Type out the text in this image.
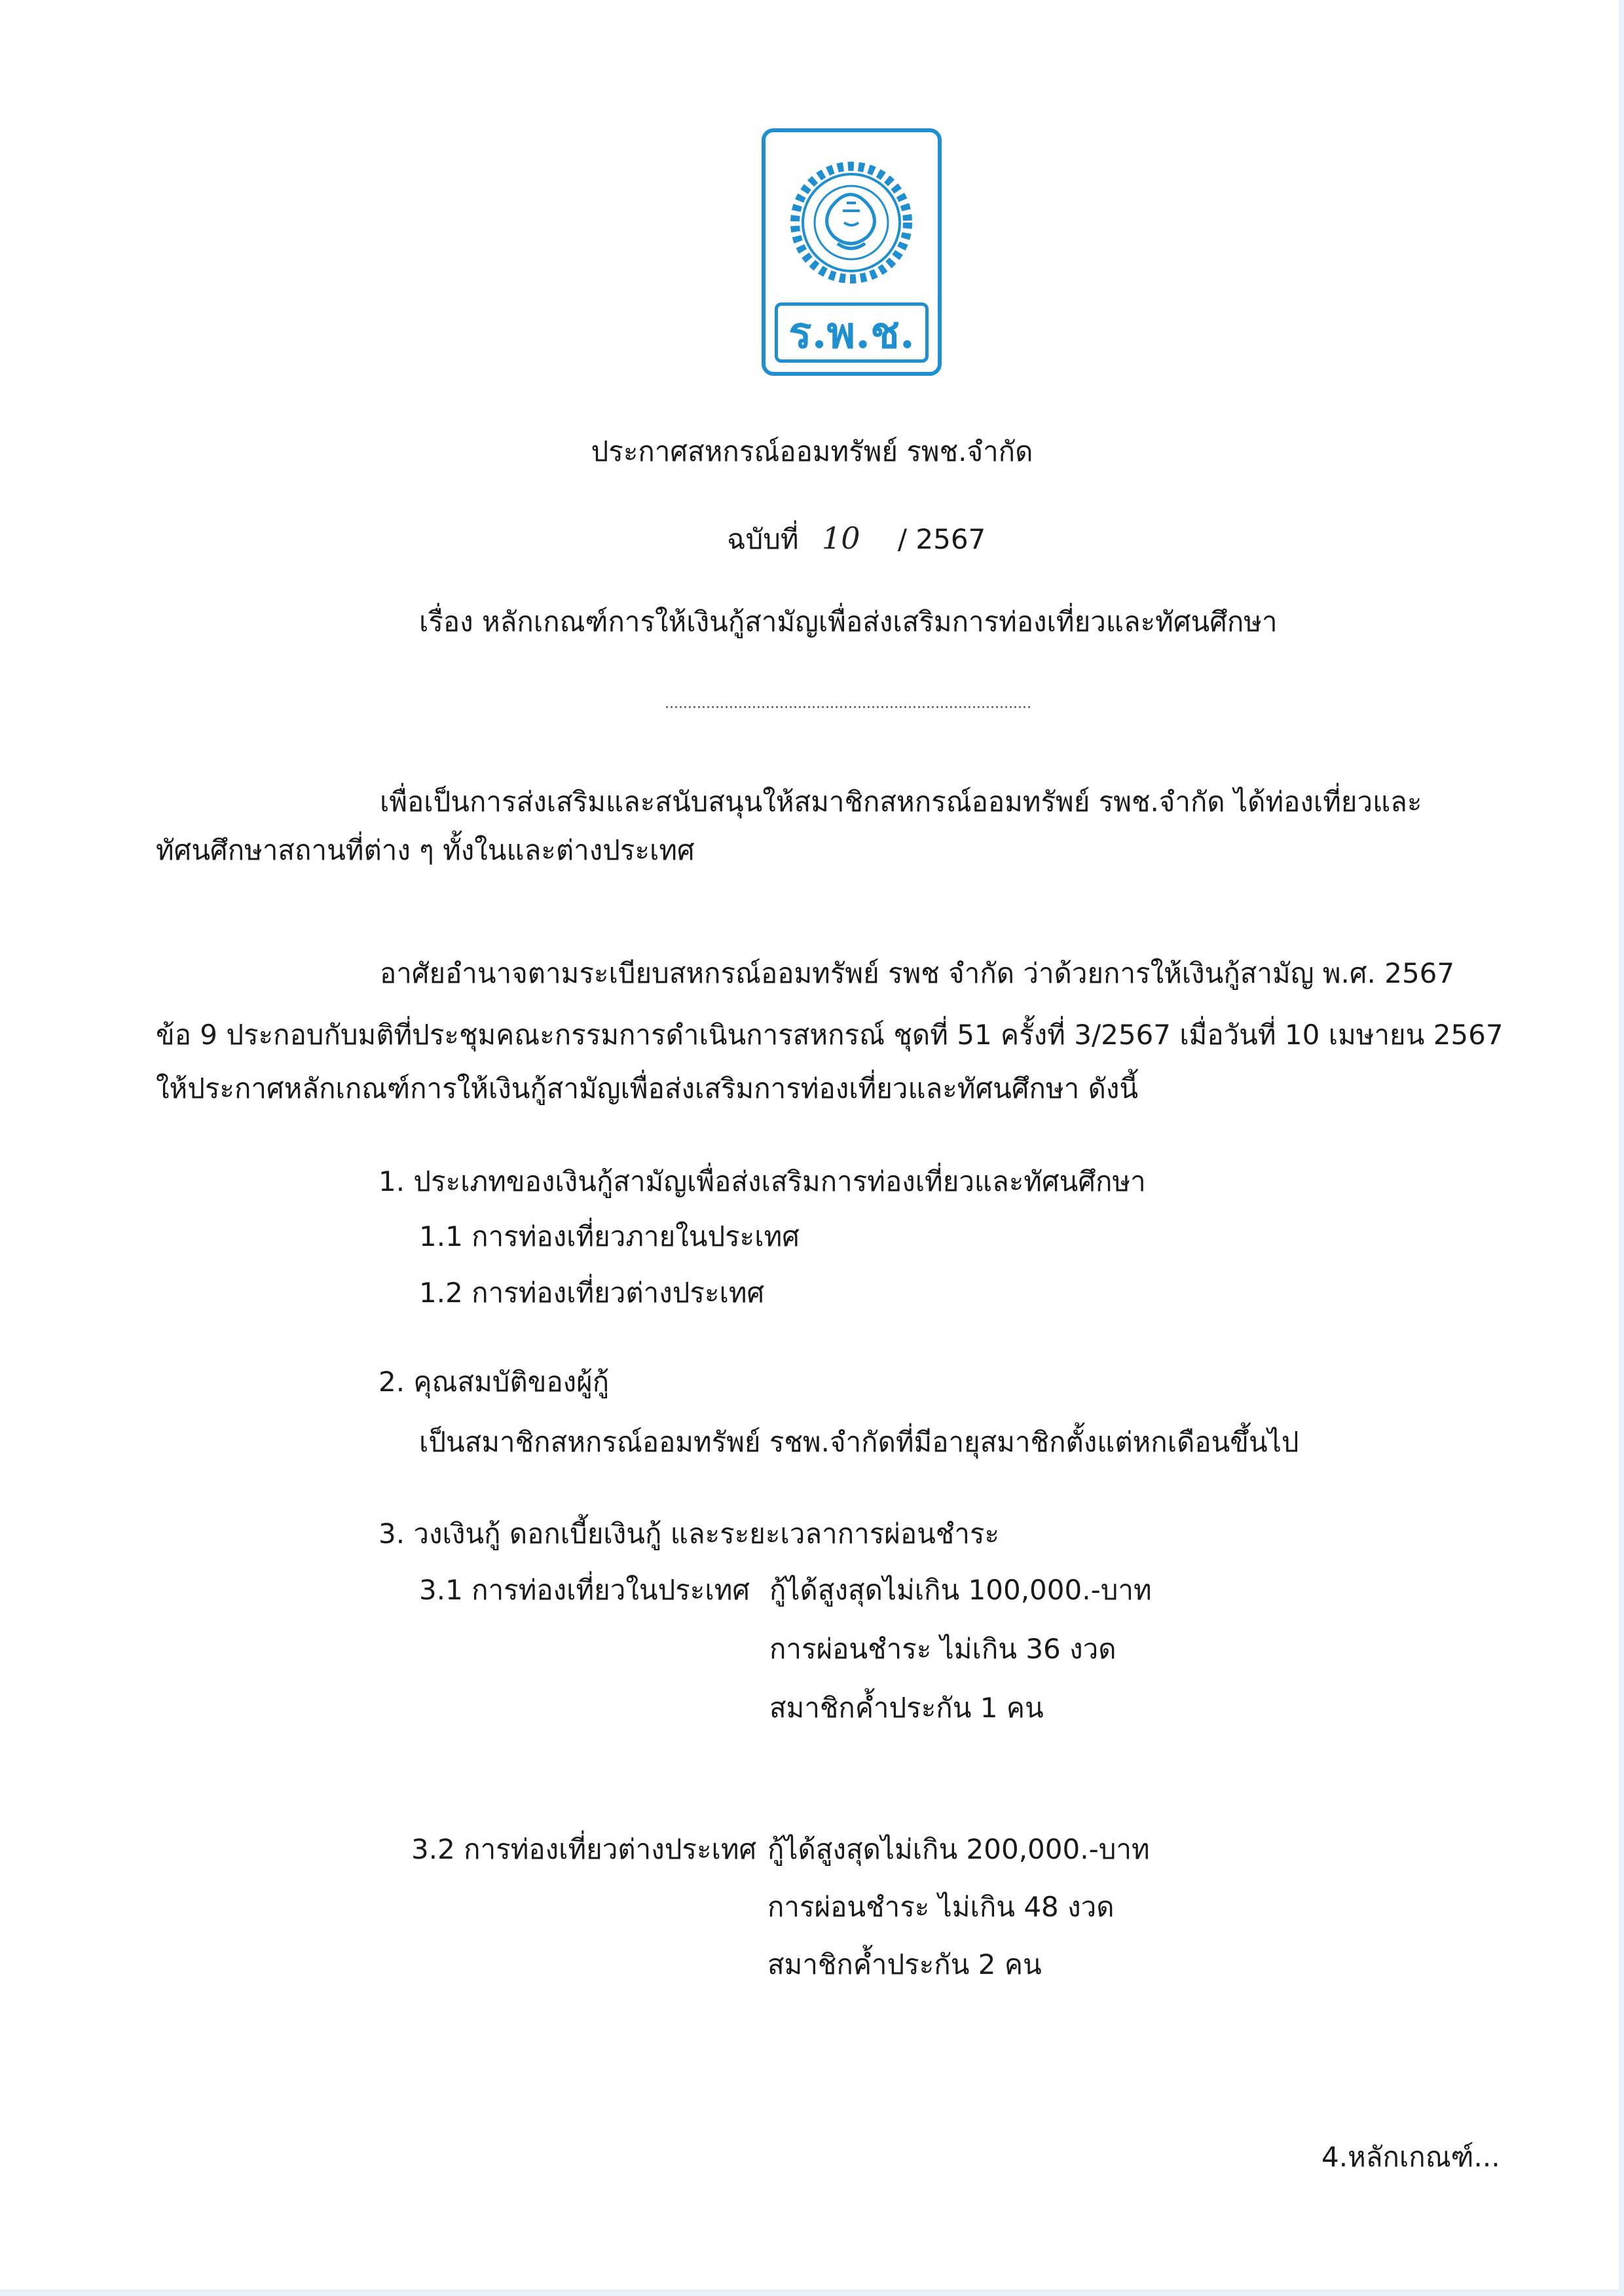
ร.พ.ช.
ประกาศสหกรณ์ออมทรัพย์ รพช.จำกัด
ฉบับที่ 10 / 2567
เรื่อง หลักเกณฑ์การให้เงินกู้สามัญเพื่อส่งเสริมการท่องเที่ยวและทัศนศึกษา
เพื่อเป็นการส่งเสริมและสนับสนุนให้สมาชิกสหกรณ์ออมทรัพย์ รพช.จำกัด ได้ท่องเที่ยวและ
ทัศนศึกษาสถานที่ต่าง ๆ ทั้งในและต่างประเทศ
อาศัยอำนาจตามระเบียบสหกรณ์ออมทรัพย์ รพช จำกัด ว่าด้วยการให้เงินกู้สามัญ พ.ศ. 2567
ข้อ 9 ประกอบกับมติที่ประชุมคณะกรรมการดำเนินการสหกรณ์ ชุดที่ 51 ครั้งที่ 3/2567 เมื่อวันที่ 10 เมษายน 2567
ให้ประกาศหลักเกณฑ์การให้เงินกู้สามัญเพื่อส่งเสริมการท่องเที่ยวและทัศนศึกษา ดังนี้
1. ประเภทของเงินกู้สามัญเพื่อส่งเสริมการท่องเที่ยวและทัศนศึกษา
1.1 การท่องเที่ยวภายในประเทศ
1.2 การท่องเที่ยวต่างประเทศ
2. คุณสมบัติของผู้กู้
เป็นสมาชิกสหกรณ์ออมทรัพย์ รชพ.จำกัดที่มีอายุสมาชิกตั้งแต่หกเดือนขึ้นไป
3. วงเงินกู้ ดอกเบี้ยเงินกู้ และระยะเวลาการผ่อนชำระ
3.1 การท่องเที่ยวในประเทศ กู้ได้สูงสุดไม่เกิน 100,000.-บาท
การผ่อนชำระ ไม่เกิน 36 งวด
สมาชิกค้ำประกัน 1 คน
3.2 การท่องเที่ยวต่างประเทศ กู้ได้สูงสุดไม่เกิน 200,000.-บาท
การผ่อนชำระ ไม่เกิน 48 งวด
สมาชิกค้ำประกัน 2 คน
4.หลักเกณฑ์...
